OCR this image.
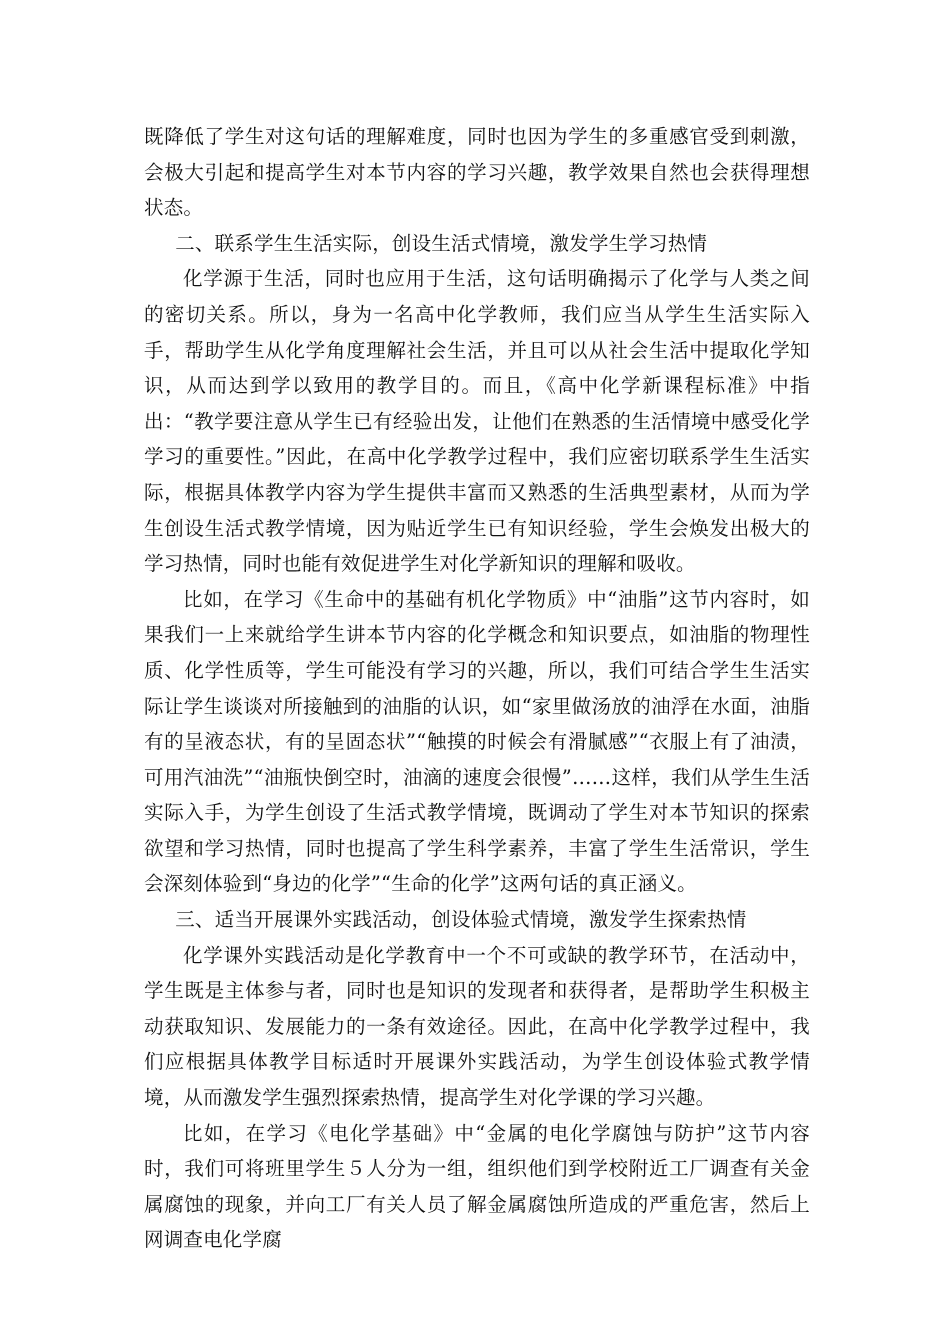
既降低了学生对这句话的理解难度，同时也因为学生的多重感官受到刺激，会极大引起和提高学生对本节内容的学习兴趣，教学效果自然也会获得理想状态。

二、联系学生生活实际，创设生活式情境，激发学生学习热情

化学源于生活，同时也应用于生活，这句话明确揭示了化学与人类之间的密切关系。所以，身为一名高中化学教师，我们应当从学生生活实际入手，帮助学生从化学角度理解社会生活，并且可以从社会生活中提取化学知识，从而达到学以致用的教学目的。而且，《高中化学新课程标准》中指出：“教学要注意从学生已有经验出发，让他们在熟悉的生活情境中感受化学学习的重要性。”因此，在高中化学教学过程中，我们应密切联系学生生活实际，根据具体教学内容为学生提供丰富而又熟悉的生活典型素材，从而为学生创设生活式教学情境，因为贴近学生已有知识经验，学生会焕发出极大的学习热情，同时也能有效促进学生对化学新知识的理解和吸收。

比如，在学习《生命中的基础有机化学物质》中“油脂”这节内容时，如果我们一上来就给学生讲本节内容的化学概念和知识要点，如油脂的物理性质、化学性质等，学生可能没有学习的兴趣，所以，我们可结合学生生活实际让学生谈谈对所接触到的油脂的认识，如“家里做汤放的油浮在水面，油脂有的呈液态状，有的呈固态状”“触摸的时候会有滑腻感”“衣服上有了油渍，可用汽油洗”“油瓶快倒空时，油滴的速度会很慢”……这样，我们从学生生活实际入手，为学生创设了生活式教学情境，既调动了学生对本节知识的探索欲望和学习热情，同时也提高了学生科学素养，丰富了学生生活常识，学生会深刻体验到“身边的化学”“生命的化学”这两句话的真正涵义。

三、适当开展课外实践活动，创设体验式情境，激发学生探索热情

化学课外实践活动是化学教育中一个不可或缺的教学环节，在活动中，学生既是主体参与者，同时也是知识的发现者和获得者，是帮助学生积极主动获取知识、发展能力的一条有效途径。因此，在高中化学教学过程中，我们应根据具体教学目标适时开展课外实践活动，为学生创设体验式教学情境，从而激发学生强烈探索热情，提高学生对化学课的学习兴趣。

比如，在学习《电化学基础》中“金属的电化学腐蚀与防护”这节内容时，我们可将班里学生５人分为一组，组织他们到学校附近工厂调查有关金属腐蚀的现象，并向工厂有关人员了解金属腐蚀所造成的严重危害，然后上网调查电化学腐
